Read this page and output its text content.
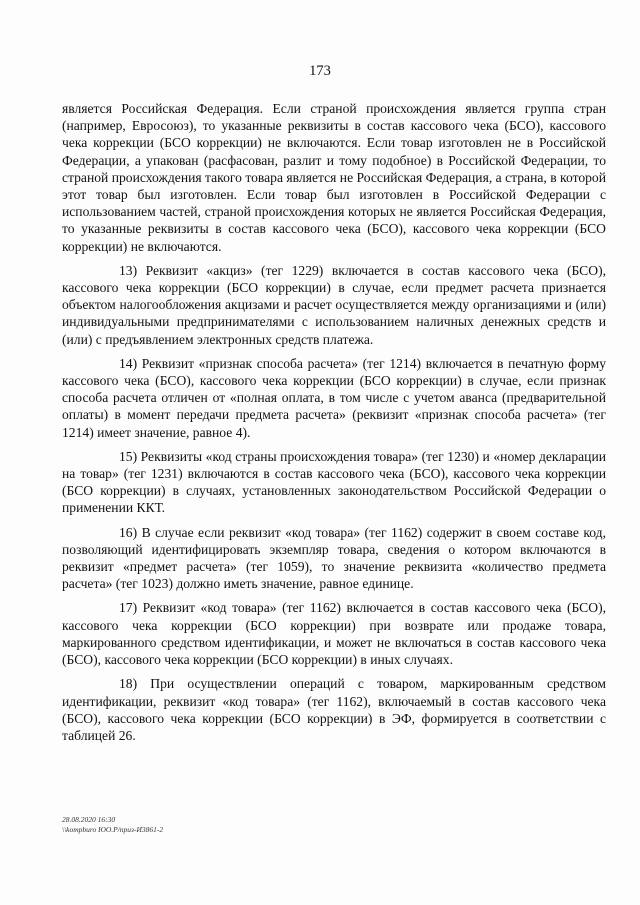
173

является Российская Федерация. Если страной происхождения является группа стран (например, Евросоюз), то указанные реквизиты в состав кассового чека (БСО), кассового чека коррекции (БСО коррекции) не включаются. Если товар изготовлен не в Российской Федерации, а упакован (расфасован, разлит и тому подобное) в Российской Федерации, то страной происхождения такого товара является не Российская Федерация, а страна, в которой этот товар был изготовлен. Если товар был изготовлен в Российской Федерации с использованием частей, страной происхождения которых не является Российская Федерация, то указанные реквизиты в состав кассового чека (БСО), кассового чека коррекции (БСО коррекции) не включаются.

13) Реквизит «акциз» (тег 1229) включается в состав кассового чека (БСО), кассового чека коррекции (БСО коррекции) в случае, если предмет расчета признается объектом налогообложения акцизами и расчет осуществляется между организациями и (или) индивидуальными предпринимателями с использованием наличных денежных средств и (или) с предъявлением электронных средств платежа.

14) Реквизит «признак способа расчета» (тег 1214) включается в печатную форму кассового чека (БСО), кассового чека коррекции (БСО коррекции) в случае, если признак способа расчета отличен от «полная оплата, в том числе с учетом аванса (предварительной оплаты) в момент передачи предмета расчета» (реквизит «признак способа расчета» (тег 1214) имеет значение, равное 4).

15) Реквизиты «код страны происхождения товара» (тег 1230) и «номер декларации на товар» (тег 1231) включаются в состав кассового чека (БСО), кассового чека коррекции (БСО коррекции) в случаях, установленных законодательством Российской Федерации о применении ККТ.

16) В случае если реквизит «код товара» (тег 1162) содержит в своем составе код, позволяющий идентифицировать экземпляр товара, сведения о котором включаются в реквизит «предмет расчета» (тег 1059), то значение реквизита «количество предмета расчета» (тег 1023) должно иметь значение, равное единице.

17) Реквизит «код товара» (тег 1162) включается в состав кассового чека (БСО), кассового чека коррекции (БСО коррекции) при возврате или продаже товара, маркированного средством идентификации, и может не включаться в состав кассового чека (БСО), кассового чека коррекции (БСО коррекции) в иных случаях.

18) При осуществлении операций с товаром, маркированным средством идентификации, реквизит «код товара» (тег 1162), включаемый в состав кассового чека (БСО), кассового чека коррекции (БСО коррекции) в ЭФ, формируется в соответствии с таблицей 26.

28.08.2020 16:30
\\kompburo ЮО.Р/приз-И3861-2
